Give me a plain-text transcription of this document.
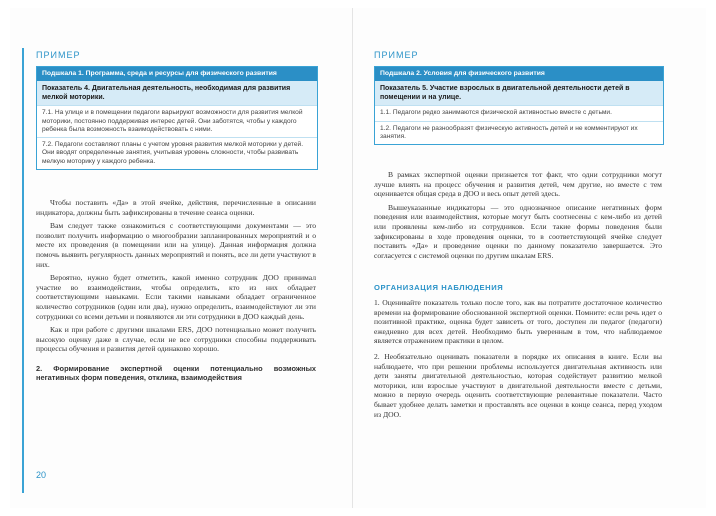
ПРИМЕР
Подшкала 1. Программа, среда и ресурсы для физического развития
Показатель 4. Двигательная деятельность, необходимая для развития мелкой моторики.
7.1. На улице и в помещении педагоги варьируют возможности для развития мелкой моторики, постоянно поддерживая интерес детей. Они заботятся, чтобы у каждого ребенка была возможность взаимодействовать с ними.
7.2. Педагоги составляют планы с учетом уровня развития мелкой моторики у детей. Они вводят определенные занятия, учитывая уровень сложности, чтобы развивать мелкую моторику у каждого ребенка.

Чтобы поставить «Да» в этой ячейке, действия, перечисленные в описании индикатора, должны быть зафиксированы в течение сеанса оценки.

Вам следует также ознакомиться с соответствующими документами — это позволит получить информацию о многообразии запланированных мероприятий и о месте их проведения (в помещении или на улице). Данная информация должна помочь выявить регулярность данных мероприятий и понять, все ли дети участвуют в них.

Вероятно, нужно будет отметить, какой именно сотрудник ДОО принимал участие во взаимодействии, чтобы определить, кто из них обладает соответствующими навыками. Если такими навыками обладает ограниченное количество сотрудников (один или два), нужно определить, взаимодействуют ли эти сотрудники со всеми детьми и появляются ли эти сотрудники в ДОО каждый день.

Как и при работе с другими шкалами ERS, ДОО потенциально может получить высокую оценку даже в случае, если не все сотрудники способны поддерживать процессы обучения и развития детей одинаково хорошо.

2. Формирование экспертной оценки потенциально возможных негативных форм поведения, отклика, взаимодействия

20
ПРИМЕР
Подшкала 2. Условия для физического развития
Показатель 5. Участие взрослых в двигательной деятельности детей в помещении и на улице.
1.1. Педагоги редко занимаются физической активностью вместе с детьми.
1.2. Педагоги не разнообразят физическую активность детей и не комментируют их занятия.

В рамках экспертной оценки признается тот факт, что одни сотрудники могут лучше влиять на процесс обучения и развития детей, чем другие, но вместе с тем оценивается общая среда в ДОО и весь опыт детей здесь.

Вышеуказанные индикаторы — это однозначное описание негативных форм поведения или взаимодействия, которые могут быть соотнесены с кем-либо из детей или проявлены кем-либо из сотрудников. Если такие формы поведения были зафиксированы в ходе проведения оценки, то в соответствующей ячейке следует поставить «Да» и проведение оценки по данному показателю завершается. Это согласуется с системой оценки по другим шкалам ERS.

ОРГАНИЗАЦИЯ НАБЛЮДЕНИЯ

1. Оценивайте показатель только после того, как вы потратите достаточное количество времени на формирование обоснованной экспертной оценки. Помните: если речь идет о позитивной практике, оценка будет зависеть от того, доступен ли педагог (педагоги) ежедневно для всех детей. Необходимо быть уверенным в том, что наблюдаемое является отражением практики в целом.

2. Необязательно оценивать показатели в порядке их описания в книге. Если вы наблюдаете, что при решении проблемы используется двигательная активность или дети заняты двигательной деятельностью, которая содействует развитию мелкой моторики, или взрослые участвуют в двигательной деятельности вместе с детьми, можно в первую очередь оценить соответствующие релевантные показатели. Часто бывает удобнее делать заметки и проставлять все оценки в конце сеанса, перед уходом из ДОО.
